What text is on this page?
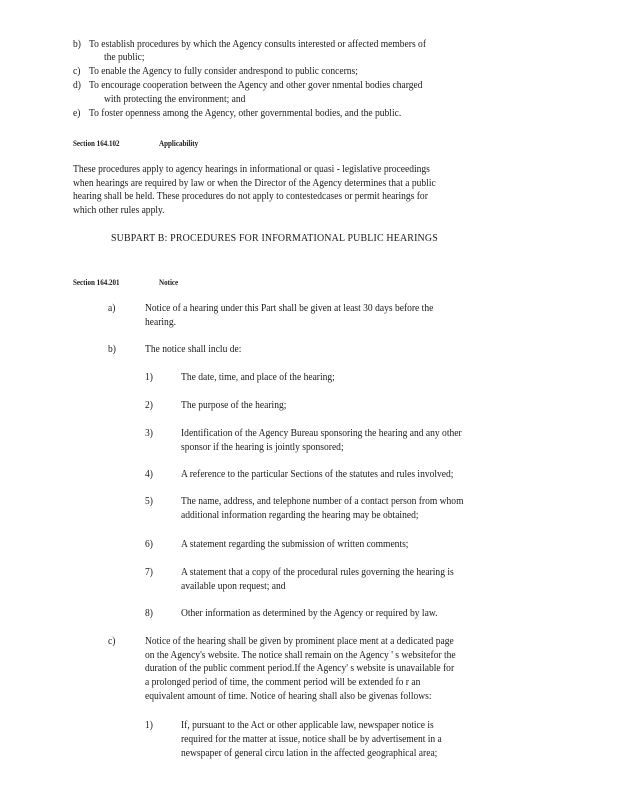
b) To establish procedures by which the Agency consults interested or affected members of
the public;
c) To enable the Agency to fully consider andrespond to public concerns;
d) To encourage cooperation between the Agency and other gover nmental bodies charged
with protecting the environment; and
e) To foster openness among the Agency, other governmental bodies, and the public.
Section 164.102	Applicability
These procedures apply to agency hearings in informational or quasi - legislative proceedings
when hearings are required by law or when the Director of the Agency determines that a public
hearing shall be held. These procedures do not apply to contestedcases or permit hearings for
which other rules apply.
SUBPART B: PROCEDURES FOR INFORMATIONAL PUBLIC HEARINGS
Section 164.201	Notice
a)	Notice of a hearing under this Part shall be given at least 30 days before the
hearing.
b)	The notice shall inclu de:
1)	The date, time, and place of the hearing;
2)	The purpose of the hearing;
3)	Identification of the Agency Bureau sponsoring the hearing and any other
sponsor if the hearing is jointly sponsored;
4)	A reference to the particular Sections of the statutes and rules involved;
5)	The name, address, and telephone number of a contact person from whom
additional information regarding the hearing may be obtained;
6)	A statement regarding the submission of written comments;
7)	A statement that a copy of the procedural rules governing the hearing is
available upon request; and
8)	Other information as determined by the Agency or required by law.
c)	Notice of the hearing shall be given by prominent place ment at a dedicated page
on the Agency's website. The notice shall remain on the Agency ' s websitefor the
duration of the public comment period.If the Agency' s website is unavailable for
a prolonged period of time, the comment period will be extended fo r an
equivalent amount of time. Notice of hearing shall also be givenas follows:
1)	If, pursuant to the Act or other applicable law, newspaper notice is
required for the matter at issue, notice shall be by advertisement in a
newspaper of general circu lation in the affected geographical area;
